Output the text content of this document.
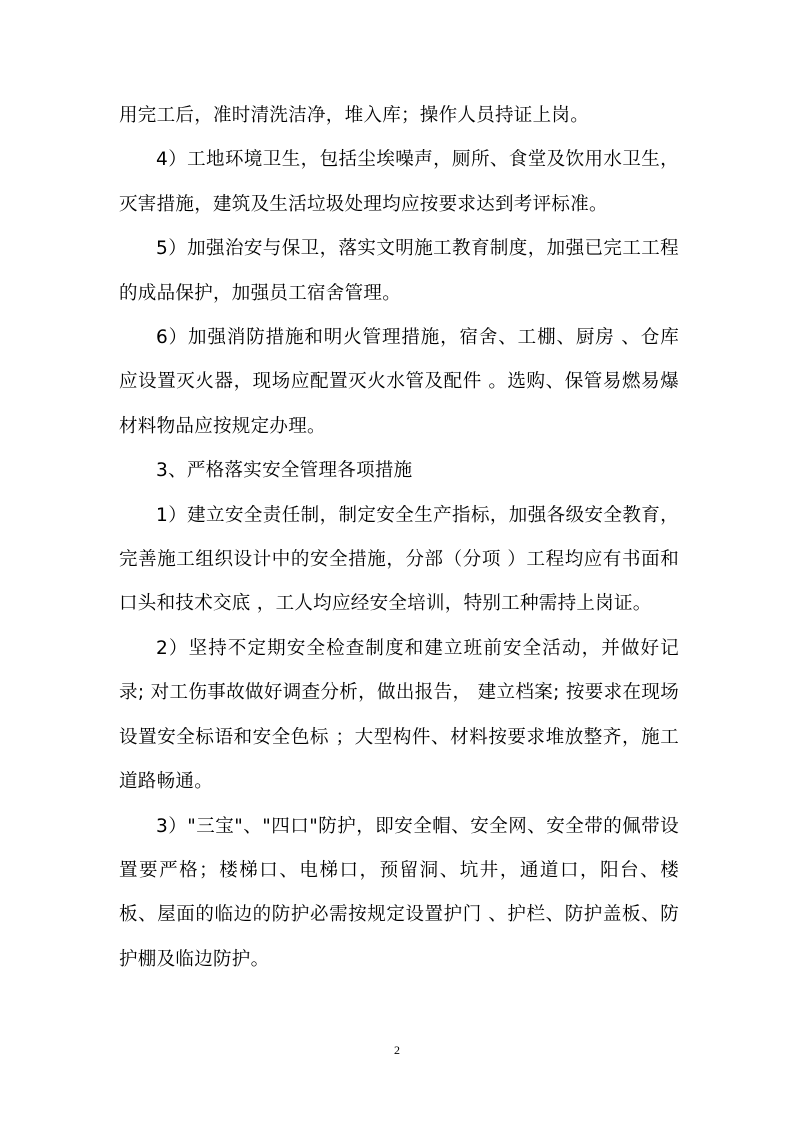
用完工后，准时清洗洁净，堆入库；操作人员持证上岗。

4）工地环境卫生，包括尘埃噪声，厕所、食堂及饮用水卫生，灭害措施，建筑及生活垃圾处理均应按要求达到考评标准。

5）加强治安与保卫，落实文明施工教育制度，加强已完工工程的成品保护，加强员工宿舍管理。

6）加强消防措施和明火管理措施，宿舍、工棚、厨房 、仓库应设置灭火器，现场应配置灭火水管及配件 。选购、保管易燃易爆材料物品应按规定办理。

3、严格落实安全管理各项措施

1）建立安全责任制，制定安全生产指标，加强各级安全教育，完善施工组织设计中的安全措施，分部（分项 ）工程均应有书面和口头和技术交底 ，工人均应经安全培训，特别工种需持上岗证。

2）坚持不定期安全检查制度和建立班前安全活动，并做好记录; 对工伤事故做好调查分析，做出报告， 建立档案; 按要求在现场设置安全标语和安全色标 ；大型构件、材料按要求堆放整齐，施工道路畅通。

3）"三宝"、"四口"防护，即安全帽、安全网、安全带的佩带设置要严格；楼梯口、电梯口，预留洞、坑井，通道口，阳台、楼板、屋面的临边的防护必需按规定设置护门 、护栏、防护盖板、防护棚及临边防护。

2
